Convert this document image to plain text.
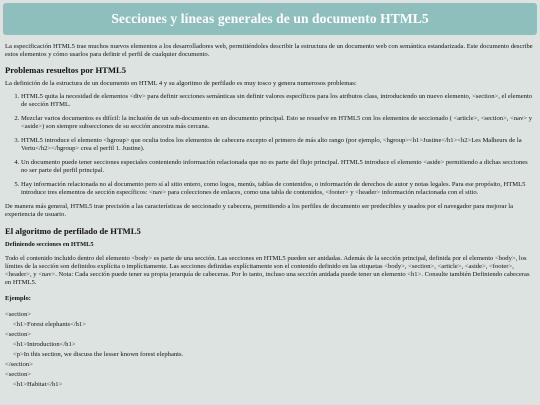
Secciones y líneas generales de un documento HTML5

La especificación HTML5 trae muchos nuevos elementos a los desarrolladores web, permitiéndoles describir la estructura de un documento web con semántica estandarizada. Este documento describe estos elementos y cómo usarlos para definir el perfil de cualquier documento.

Problemas resueltos por HTML5

La definición de la estructura de un documento en HTML 4 y su algoritmo de perfilado es muy tosco y genera numerosos problemas:

1. HTML5 quita la necesidad de elementos <div> para definir secciones semánticas sin definir valores específicos para los atributos class, introduciendo un nuevo elemento, <section>, el elemento de sección HTML.
2. Mezclar varios documentos es difícil: la inclusión de un sub-documento en un documento principal. Esto se resuelve en HTML5 con los elementos de seccionado ( <article>, <section>, <nav> y <aside>) son siempre subsecciones de su sección ancestra más cercana.
3. HTML5 introduce el elemento <hgroup> que oculta todos los elementos de cabecera excepto el primero de más alto rango (por ejemplo, <hgroup><h1>Justine</h1><h2>Les Malheurs de la Vertu</h2></hgroup> crea el perfil 1. Justine).
4. Un documento puede tener secciones especiales conteniendo información relacionada que no es parte del flujo principal. HTML5 introduce el elemento <aside> permitiendo a dichas secciones no ser parte del perfil principal.
5. Hay información relacionada no al documento pero sí al sitio entero, como logos, menús, tablas de contenidos, o información de derechos de autor y notas legales. Para ese propósito, HTML5 introduce tres elementos de sección específicos: <nav> para colecciones de enlaces, como una tabla de contenidos, <footer> y <header> información relacionada con el sitio.

De manera más general, HTML5 trae precisión a las características de seccionado y cabecera, permitiendo a los perfiles de documento ser predecibles y usados por el navegador para mejorar la experiencia de usuario.

El algoritmo de perfilado de HTML5
Definiendo secciones en HTML5

Todo el contenido incluido dentro del elemento <body> es parte de una sección. Las secciones en HTML5 pueden ser anidadas. Además de la sección principal, definida por el elemento <body>, los límites de la sección son definidos explícita o implícitamente. Las secciones definidas explícitamente son el contenido definido en las etiquetas <body>, <section>, <article>, <aside>, <footer>, <header>, y <nav>. Nota: Cada sección puede tener su propia jerarquía de cabeceras. Por lo tanto, incluso una sección anidada puede tener un elemento <h1>. Consulte también Definiendo cabeceras en HTML5.

Ejemplo:

<section>
<h1>Forest elephants</h1>
<section>
<h1>Introduction</h1>
<p>In this section, we discuss the lesser known forest elephants.
</section>
<section>
<h1>Habitat</h1>
